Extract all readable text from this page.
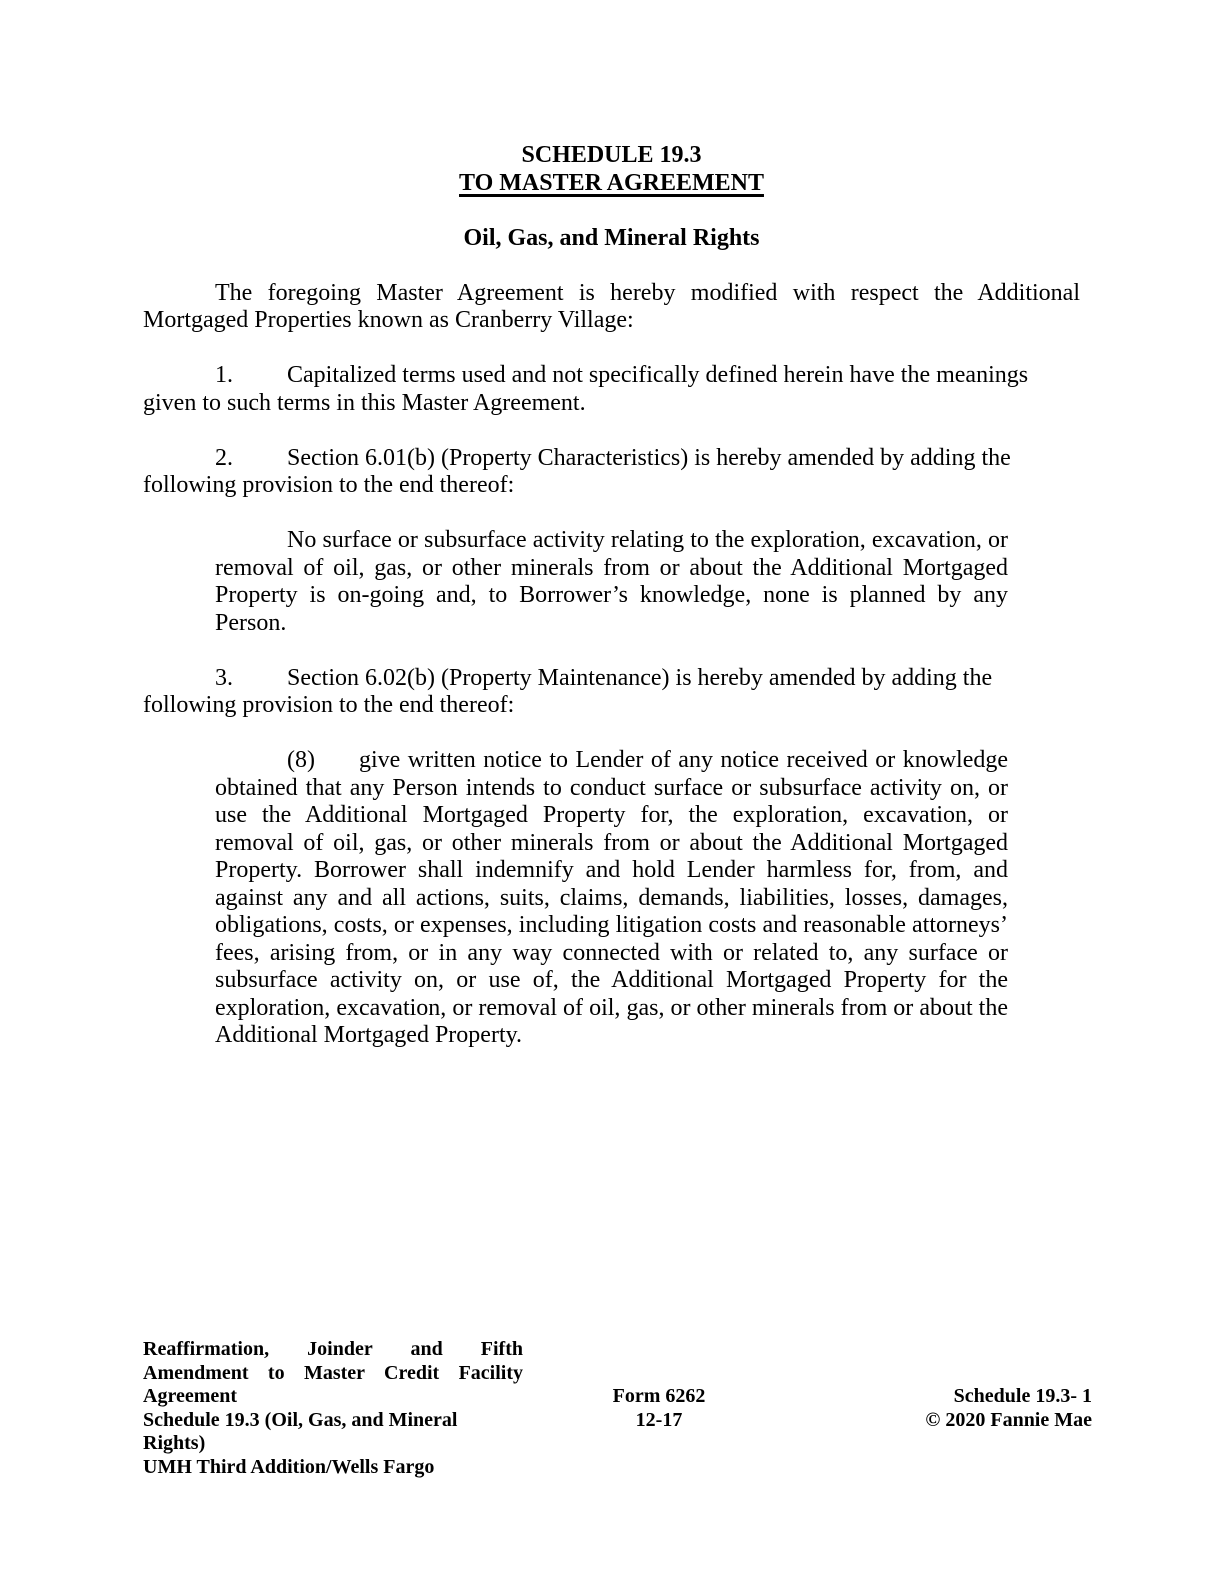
SCHEDULE 19.3
TO MASTER AGREEMENT
Oil, Gas, and Mineral Rights

The foregoing Master Agreement is hereby modified with respect the Additional Mortgaged Properties known as Cranberry Village:

1. Capitalized terms used and not specifically defined herein have the meanings given to such terms in this Master Agreement.

2. Section 6.01(b) (Property Characteristics) is hereby amended by adding the following provision to the end thereof:

No surface or subsurface activity relating to the exploration, excavation, or removal of oil, gas, or other minerals from or about the Additional Mortgaged Property is on-going and, to Borrower’s knowledge, none is planned by any Person.

3. Section 6.02(b) (Property Maintenance) is hereby amended by adding the following provision to the end thereof:

(8) give written notice to Lender of any notice received or knowledge obtained that any Person intends to conduct surface or subsurface activity on, or use the Additional Mortgaged Property for, the exploration, excavation, or removal of oil, gas, or other minerals from or about the Additional Mortgaged Property. Borrower shall indemnify and hold Lender harmless for, from, and against any and all actions, suits, claims, demands, liabilities, losses, damages, obligations, costs, or expenses, including litigation costs and reasonable attorneys’ fees, arising from, or in any way connected with or related to, any surface or subsurface activity on, or use of, the Additional Mortgaged Property for the exploration, excavation, or removal of oil, gas, or other minerals from or about the Additional Mortgaged Property.

Reaffirmation, Joinder and Fifth Amendment to Master Credit Facility Agreement
Schedule 19.3 (Oil, Gas, and Mineral Rights)
UMH Third Addition/Wells Fargo
Form 6262
12-17
Schedule 19.3- 1
© 2020 Fannie Mae
